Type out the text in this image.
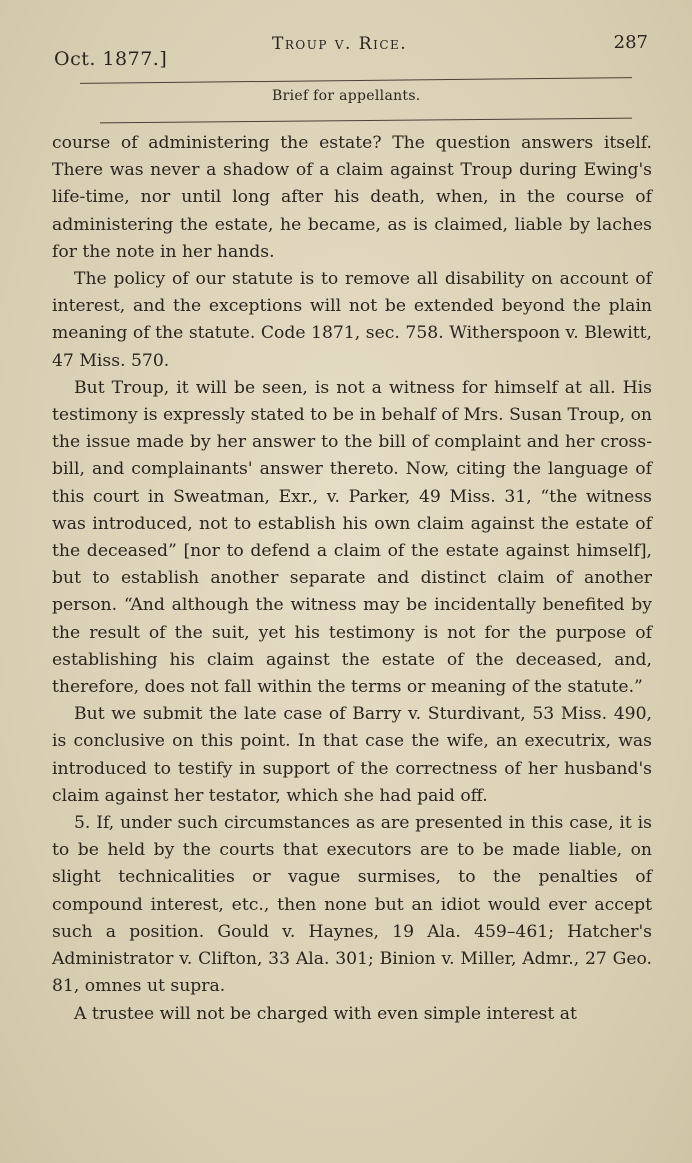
Oct. 1877.]
Troup v. Rice.	287
Brief for appellants.

course of administering the estate? The question answers itself. There was never a shadow of a claim against Troup during Ewing's life-time, nor until long after his death, when, in the course of administering the estate, he became, as is claimed, liable by laches for the note in her hands.

The policy of our statute is to remove all disability on account of interest, and the exceptions will not be extended beyond the plain meaning of the statute. Code 1871, sec. 758. Witherspoon v. Blewitt, 47 Miss. 570.

But Troup, it will be seen, is not a witness for himself at all. His testimony is expressly stated to be in behalf of Mrs. Susan Troup, on the issue made by her answer to the bill of complaint and her cross-bill, and complainants' answer thereto. Now, citing the language of this court in Sweatman, Exr., v. Parker, 49 Miss. 31, “the witness was introduced, not to establish his own claim against the estate of the deceased” [nor to defend a claim of the estate against himself], but to establish another separate and distinct claim of another person. “And although the witness may be incidentally benefited by the result of the suit, yet his testimony is not for the purpose of establishing his claim against the estate of the deceased, and, therefore, does not fall within the terms or meaning of the statute.”

But we submit the late case of Barry v. Sturdivant, 53 Miss. 490, is conclusive on this point. In that case the wife, an executrix, was introduced to testify in support of the correctness of her husband's claim against her testator, which she had paid off.

5. If, under such circumstances as are presented in this case, it is to be held by the courts that executors are to be made liable, on slight technicalities or vague surmises, to the penalties of compound interest, etc., then none but an idiot would ever accept such a position. Gould v. Haynes, 19 Ala. 459–461; Hatcher's Administrator v. Clifton, 33 Ala. 301; Binion v. Miller, Admr., 27 Geo. 81, omnes ut supra.

A trustee will not be charged with even simple interest at
